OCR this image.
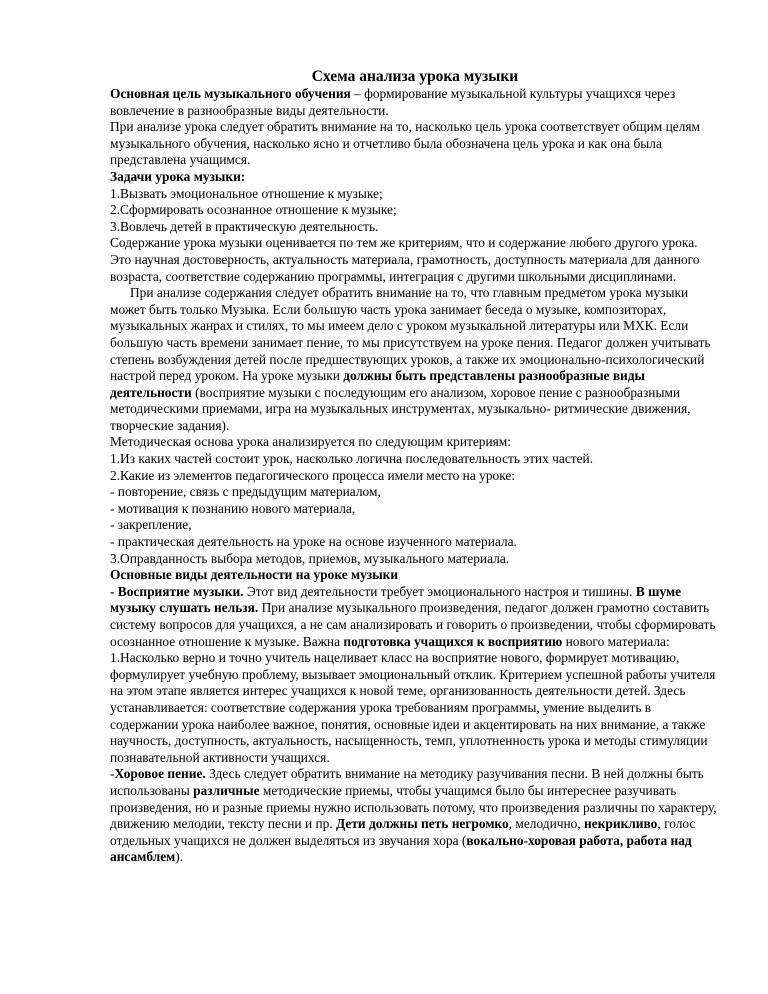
Схема анализа урока музыки

Основная цель музыкального обучения – формирование музыкальной культуры учащихся через вовлечение в разнообразные виды деятельности.

При анализе урока следует обратить внимание на то, насколько цель урока соответствует общим целям музыкального обучения, насколько ясно и отчетливо была обозначена цель урока и как она была представлена учащимся.

Задачи урока музыки:

1.Вызвать эмоциональное отношение к музыке;

2.Сформировать осознанное отношение к музыке;

3.Вовлечь детей в практическую деятельность.

Содержание урока музыки оценивается по тем же критериям, что и содержание любого другого урока. Это научная достоверность, актуальность материала, грамотность, доступность материала для данного возраста, соответствие содержанию программы, интеграция с другими школьными дисциплинами.

При анализе содержания следует обратить внимание на то, что главным предметом урока музыки может быть только Музыка. Если большую часть урока занимает беседа о музыке, композиторах, музыкальных жанрах и стилях, то мы имеем дело с уроком музыкальной литературы или МХК. Если большую часть времени занимает пение, то мы присутствуем на уроке пения. Педагог должен учитывать степень возбуждения детей после предшествующих уроков, а также их эмоционально-психологический настрой перед уроком. На уроке музыки должны быть представлены разнообразные виды деятельности (восприятие музыки с последующим его анализом, хоровое пение с разнообразными методическими приемами, игра на музыкальных инструментах, музыкально- ритмические движения, творческие задания).

Методическая основа урока анализируется по следующим критериям:

1.Из каких частей состоит урок, насколько логична последовательность этих частей.

2.Какие из элементов педагогического процесса имели место на уроке:

- повторение, связь с предыдущим материалом,

- мотивация к познанию нового материала,

- закрепление,

- практическая деятельность на уроке на основе изученного материала.

3.Оправданность выбора методов, приемов, музыкального материала.

Основные виды деятельности на уроке музыки

- Восприятие музыки. Этот вид деятельности требует эмоционального настроя и тишины. В шуме музыку слушать нельзя. При анализе музыкального произведения, педагог должен грамотно составить систему вопросов для учащихся, а не сам анализировать и говорить о произведении, чтобы сформировать осознанное отношение к музыке. Важна подготовка учащихся к восприятию нового материала:

1.Насколько верно и точно учитель нацеливает класс на восприятие нового, формирует мотивацию, формулирует учебную проблему, вызывает эмоциональный отклик. Критерием успешной работы учителя на этом этапе является интерес учащихся к новой теме, организованность деятельности детей. Здесь устанавливается: соответствие содержания урока требованиям программы, умение выделить в содержании урока наиболее важное, понятия, основные идеи и акцентировать на них внимание, а также научность, доступность, актуальность, насыщенность, темп, уплотненность урока и методы стимуляции познавательной активности учащихся.

-Хоровое пение. Здесь следует обратить внимание на методику разучивания песни. В ней должны быть использованы различные методические приемы, чтобы учащимся было бы интереснее разучивать произведения, но и разные приемы нужно использовать потому, что произведения различны по характеру, движению мелодии, тексту песни и пр. Дети должны петь негромко, мелодично, некрикливо, голос отдельных учащихся не должен выделяться из звучания хора (вокально-хоровая работа, работа над ансамблем).
